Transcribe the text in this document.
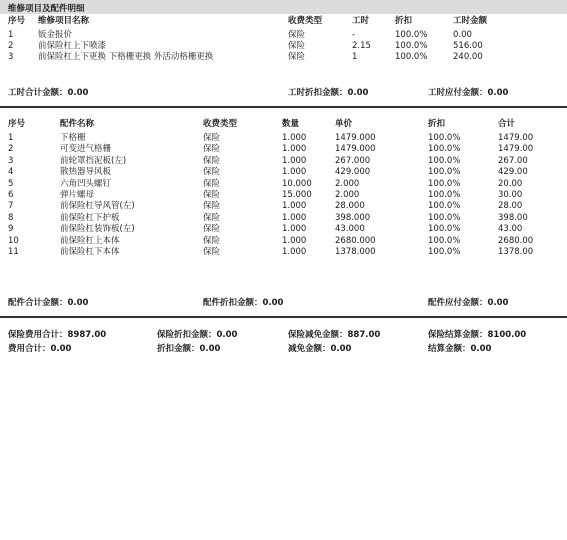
维修项目及配件明细
序号 维修项目名称	收费类型	工时	折扣	工时金额
1	钣金报价	保险	-	100.0%	0.00
2	前保险杠上下喷漆	保险	2.15	100.0%	516.00
3	前保险杠上下更换 下格栅更换 外活动格栅更换	保险	1	100.0%	240.00
工时合计金额：0.00	工时折扣金额：0.00	工时应付金额：0.00
序号	配件名称	收费类型	数量	单价	折扣	合计
1	下格栅	保险	1.000	1479.000	100.0%	1479.00
2	可变进气格栅	保险	1.000	1479.000	100.0%	1479.00
3	前轮罩挡泥板(左)	保险	1.000	267.000	100.0%	267.00
4	散热器导风板	保险	1.000	429.000	100.0%	429.00
5	六角凹头螺钉	保险	10.000	2.000	100.0%	20.00
6	弹片螺母	保险	15.000	2.000	100.0%	30.00
7	前保险杠导风管(左)	保险	1.000	28.000	100.0%	28.00
8	前保险杠下护板	保险	1.000	398.000	100.0%	398.00
9	前保险杠装饰板(左)	保险	1.000	43.000	100.0%	43.00
10	前保险杠上本体	保险	1.000	2680.000	100.0%	2680.00
11	前保险杠下本体	保险	1.000	1378.000	100.0%	1378.00
配件合计金额：0.00	配件折扣金额：0.00	配件应付金额：0.00
保险费用合计：8987.00	保险折扣金额：0.00	保险减免金额：887.00	保险结算金额：8100.00
费用合计：0.00	折扣金额：0.00	减免金额：0.00	结算金额：0.00
